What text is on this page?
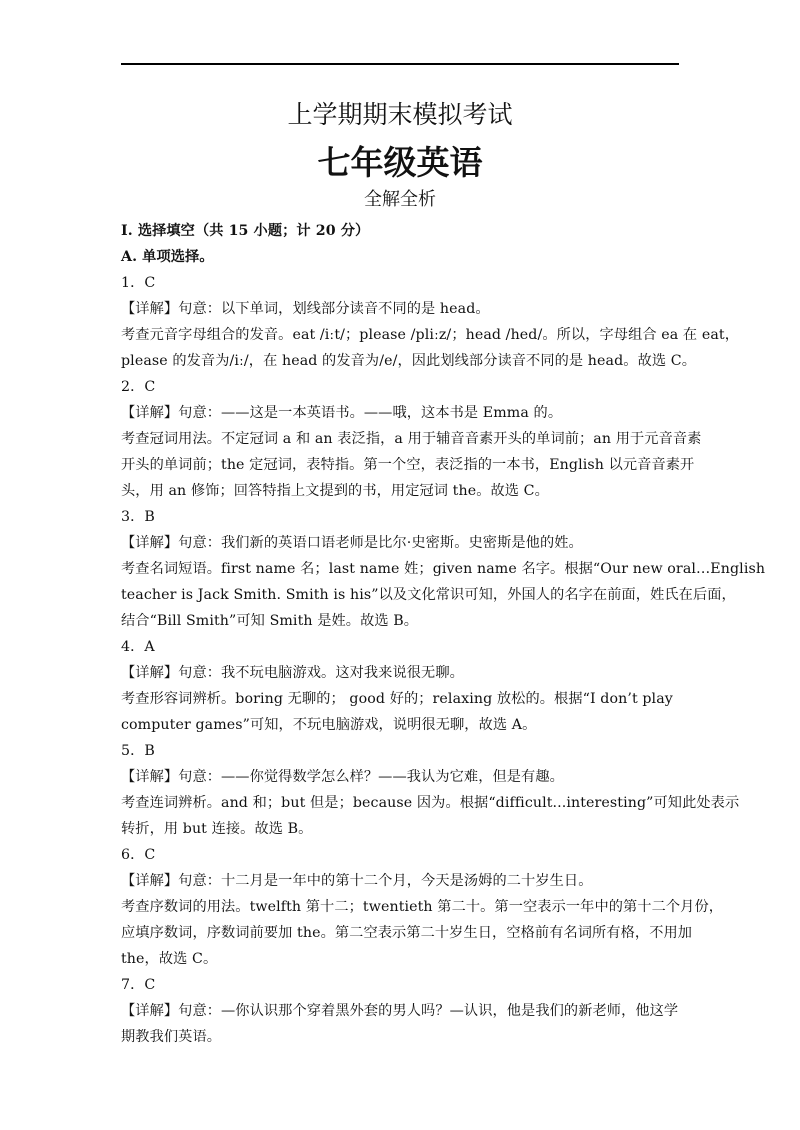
上学期期末模拟考试
七年级英语
全解全析

I. 选择填空（共 15 小题；计 20 分）

A. 单项选择。

1．C

【详解】句意：以下单词，划线部分读音不同的是 head。

考查元音字母组合的发音。eat /iːt/；please /pliːz/；head /hed/。所以，字母组合 ea 在 eat，

please 的发音为/iː/，在 head 的发音为/e/，因此划线部分读音不同的是 head。故选 C。

2．C

【详解】句意：——这是一本英语书。——哦，这本书是 Emma 的。

考查冠词用法。不定冠词 a 和 an 表泛指，a 用于辅音音素开头的单词前；an 用于元音音素

开头的单词前；the 定冠词，表特指。第一个空，表泛指的一本书，English 以元音音素开

头，用 an 修饰；回答特指上文提到的书，用定冠词 the。故选 C。

3．B

【详解】句意：我们新的英语口语老师是比尔·史密斯。史密斯是他的姓。

考查名词短语。first name 名；last name 姓；given name 名字。根据“Our new oral…English

teacher is Jack Smith. Smith is his”以及文化常识可知，外国人的名字在前面，姓氏在后面，

结合“Bill Smith”可知 Smith 是姓。故选 B。

4．A

【详解】句意：我不玩电脑游戏。这对我来说很无聊。

考查形容词辨析。boring 无聊的； good 好的；relaxing 放松的。根据“I don’t play

computer games”可知，不玩电脑游戏，说明很无聊，故选 A。

5．B

【详解】句意：——你觉得数学怎么样？——我认为它难，但是有趣。

考查连词辨析。and 和；but 但是；because 因为。根据“difficult...interesting”可知此处表示

转折，用 but 连接。故选 B。

6．C

【详解】句意：十二月是一年中的第十二个月，今天是汤姆的二十岁生日。

考查序数词的用法。twelfth 第十二；twentieth 第二十。第一空表示一年中的第十二个月份，

应填序数词，序数词前要加 the。第二空表示第二十岁生日，空格前有名词所有格，不用加

the，故选 C。

7．C

【详解】句意：—你认识那个穿着黑外套的男人吗？—认识，他是我们的新老师，他这学

期教我们英语。
